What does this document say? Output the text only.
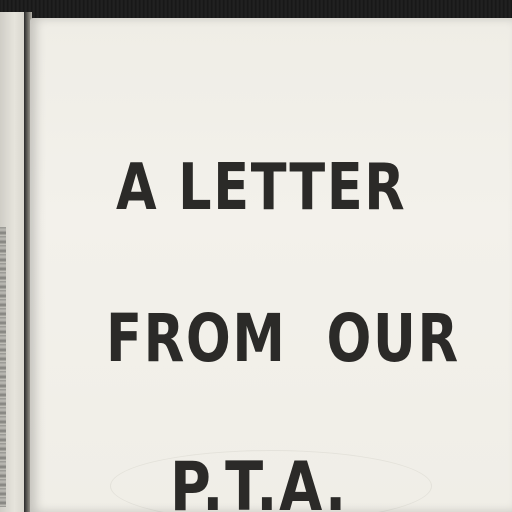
A LETTER
FROM  OUR
P.T.A.
